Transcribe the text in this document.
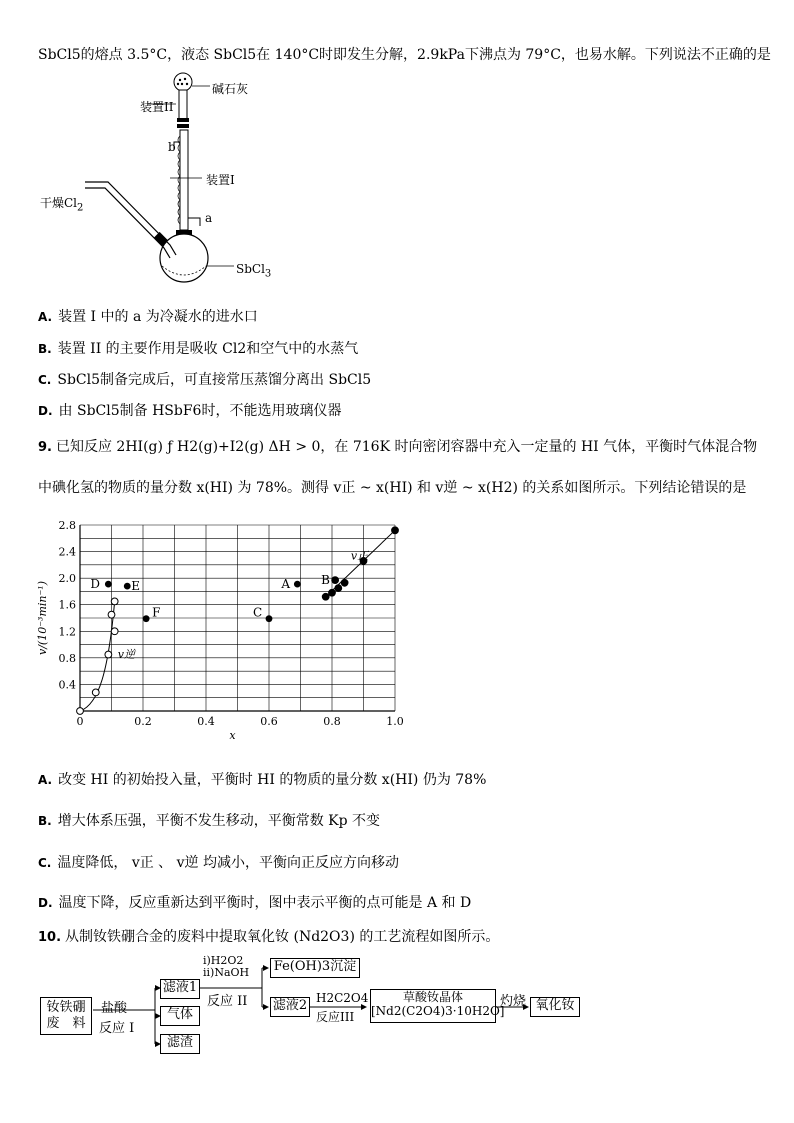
SbCl5的熔点 3.5°C，液态 SbCl5在 140°C时即发生分解，2.9kPa下沸点为 79°C，也易水解。下列说法不正确的是
碱石灰
装置II
b
装置I
a
干燥$Cl_2$
SbCl$_3$
A. 装置 I 中的 a 为冷凝水的进水口
B. 装置 II 的主要作用是吸收 Cl2和空气中的水蒸气
C. SbCl5制备完成后，可直接常压蒸馏分离出 SbCl5
D. 由 SbCl5制备 HSbF6时，不能选用玻璃仪器
9. 已知反应 2HI(g) ƒ H2(g)+I2(g) ΔH > 0，在 716K 时向密闭容器中充入一定量的 HI 气体，平衡时气体混合物
中碘化氢的物质的量分数 x(HI) 为 78%。测得 v正 ~ x(HI) 和 v逆 ~ x(H2) 的关系如图所示。下列结论错误的是
0	0.2	0.4	0.6	0.8	1.0
0.4
0.8
1.2
1.6
2.0
2.4
2.8
x
v/(10⁻³min⁻¹)
v正
v逆
A	B
C
D	E
F
A. 改变 HI 的初始投入量，平衡时 HI 的物质的量分数 x(HI) 仍为 78%
B. 增大体系压强，平衡不发生移动，平衡常数 Kp 不变
C. 温度降低， v正 、 v逆 均减小，平衡向正反应方向移动
D. 温度下降，反应重新达到平衡时，图中表示平衡的点可能是 A 和 D
10. 从制钕铁硼合金的废料中提取氧化钕 (Nd2O3) 的工艺流程如图所示。
钕铁硼
废　料
盐酸
反应 I
滤液1
气体
滤渣
i)H2O2
ii)NaOH
反应 II
Fe(OH)3沉淀
滤液2 H2C2O4
反应III
草酸钕晶体
[Nd2(C2O4)3·10H2O]
灼烧 氧化钕
